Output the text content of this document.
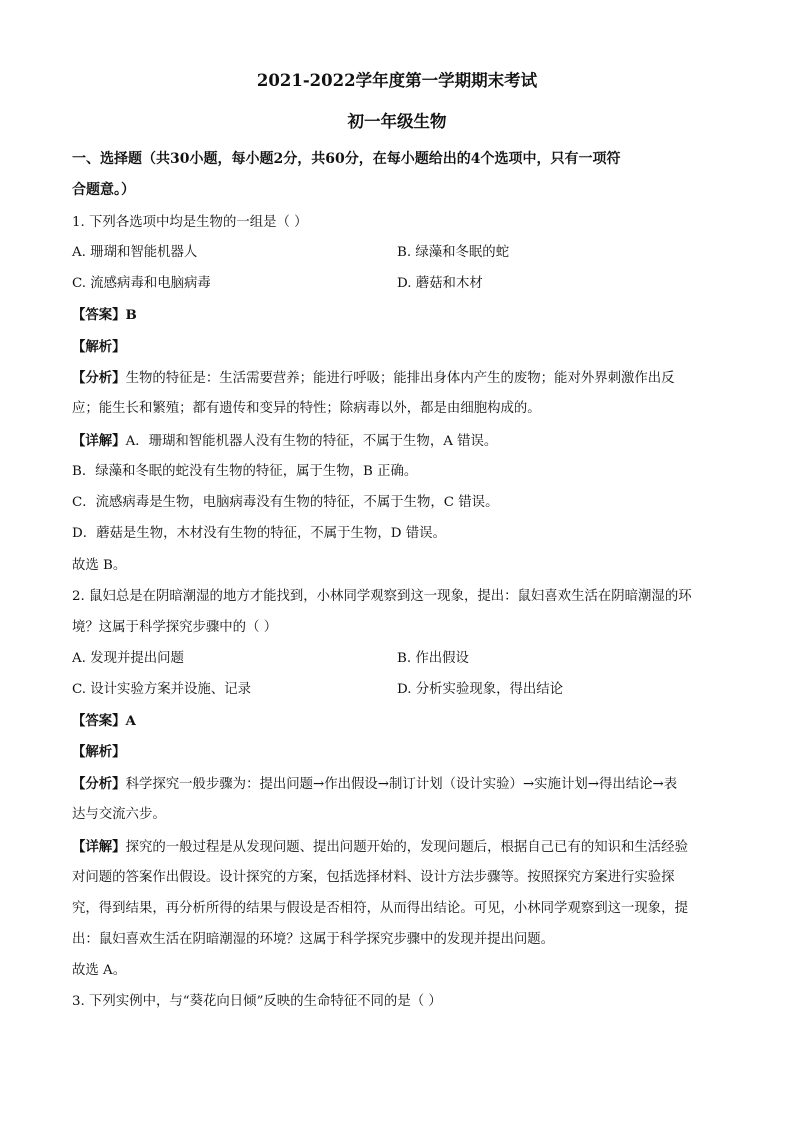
2021-2022学年度第一学期期末考试
初一年级生物
一、选择题（共30小题，每小题2分，共60分，在每小题给出的4个选项中，只有一项符
合题意。）
1. 下列各选项中均是生物的一组是（ ）
A. 珊瑚和智能机器人	B. 绿藻和冬眠的蛇
C. 流感病毒和电脑病毒	D. 蘑菇和木材
【答案】B
【解析】
【分析】生物的特征是：生活需要营养；能进行呼吸；能排出身体内产生的废物；能对外界刺激作出反
应；能生长和繁殖；都有遗传和变异的特性；除病毒以外，都是由细胞构成的。
【详解】A．珊瑚和智能机器人没有生物的特征，不属于生物，A 错误。
B．绿藻和冬眠的蛇没有生物的特征，属于生物，B 正确。
C．流感病毒是生物，电脑病毒没有生物的特征，不属于生物，C 错误。
D．蘑菇是生物，木材没有生物的特征，不属于生物，D 错误。
故选 B。
2. 鼠妇总是在阴暗潮湿的地方才能找到，小林同学观察到这一现象，提出：鼠妇喜欢生活在阴暗潮湿的环
境？这属于科学探究步骤中的（ ）
A. 发现并提出问题	B. 作出假设
C. 设计实验方案并设施、记录	D. 分析实验现象，得出结论
【答案】A
【解析】
【分析】科学探究一般步骤为：提出问题→作出假设→制订计划（设计实验）→实施计划→得出结论→表
达与交流六步。
【详解】探究的一般过程是从发现问题、提出问题开始的，发现问题后，根据自己已有的知识和生活经验
对问题的答案作出假设。设计探究的方案，包括选择材料、设计方法步骤等。按照探究方案进行实验探
究，得到结果，再分析所得的结果与假设是否相符，从而得出结论。可见，小林同学观察到这一现象，提
出：鼠妇喜欢生活在阴暗潮湿的环境？这属于科学探究步骤中的发现并提出问题。
故选 A。
3. 下列实例中，与“葵花向日倾”反映的生命特征不同的是（ ）
